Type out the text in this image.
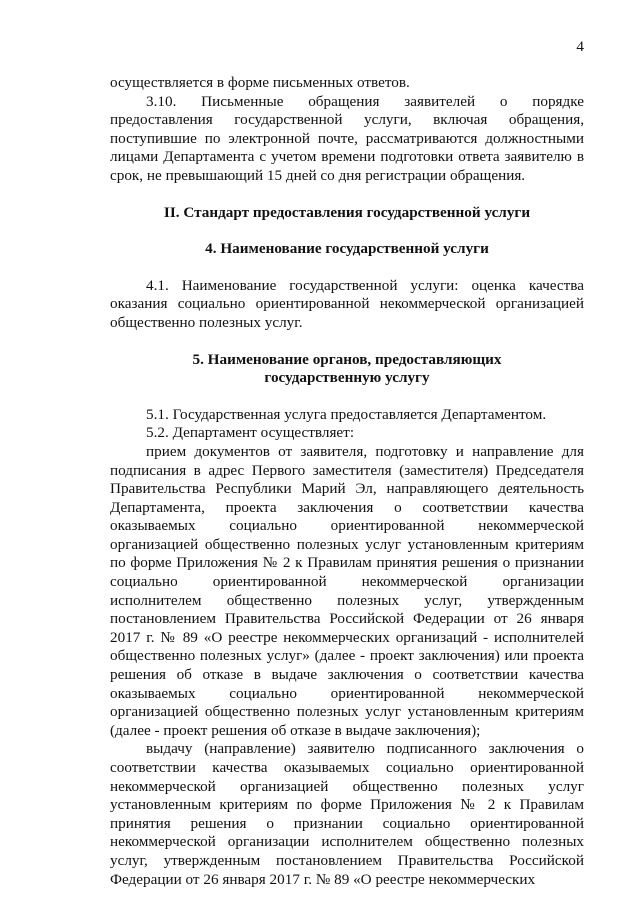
4

осуществляется в форме письменных ответов.

3.10. Письменные обращения заявителей о порядке предоставления государственной услуги, включая обращения, поступившие по электронной почте, рассматриваются должностными лицами Департамента с учетом времени подготовки ответа заявителю в срок, не превышающий 15 дней со дня регистрации обращения.

II. Стандарт предоставления государственной услуги
4. Наименование государственной услуги

4.1. Наименование государственной услуги: оценка качества оказания социально ориентированной некоммерческой организацией общественно полезных услуг.

5. Наименование органов, предоставляющих
государственную услугу

5.1. Государственная услуга предоставляется Департаментом.

5.2. Департамент осуществляет:

прием документов от заявителя, подготовку и направление для подписания в адрес Первого заместителя (заместителя) Председателя Правительства Республики Марий Эл, направляющего деятельность Департамента, проекта заключения о соответствии качества оказываемых социально ориентированной некоммерческой организацией общественно полезных услуг установленным критериям по форме Приложения № 2 к Правилам принятия решения о признании социально ориентированной некоммерческой организации исполнителем общественно полезных услуг, утвержденным постановлением Правительства Российской Федерации от 26 января 2017 г. № 89 «О реестре некоммерческих организаций - исполнителей общественно полезных услуг» (далее - проект заключения) или проекта решения об отказе в выдаче заключения о соответствии качества оказываемых социально ориентированной некоммерческой организацией общественно полезных услуг установленным критериям (далее - проект решения об отказе в выдаче заключения);

выдачу (направление) заявителю подписанного заключения о соответствии качества оказываемых социально ориентированной некоммерческой организацией общественно полезных услуг установленным критериям по форме Приложения № 2 к Правилам принятия решения о признании социально ориентированной некоммерческой организации исполнителем общественно полезных услуг, утвержденным постановлением Правительства Российской Федерации от 26 января 2017 г. № 89 «О реестре некоммерческих
